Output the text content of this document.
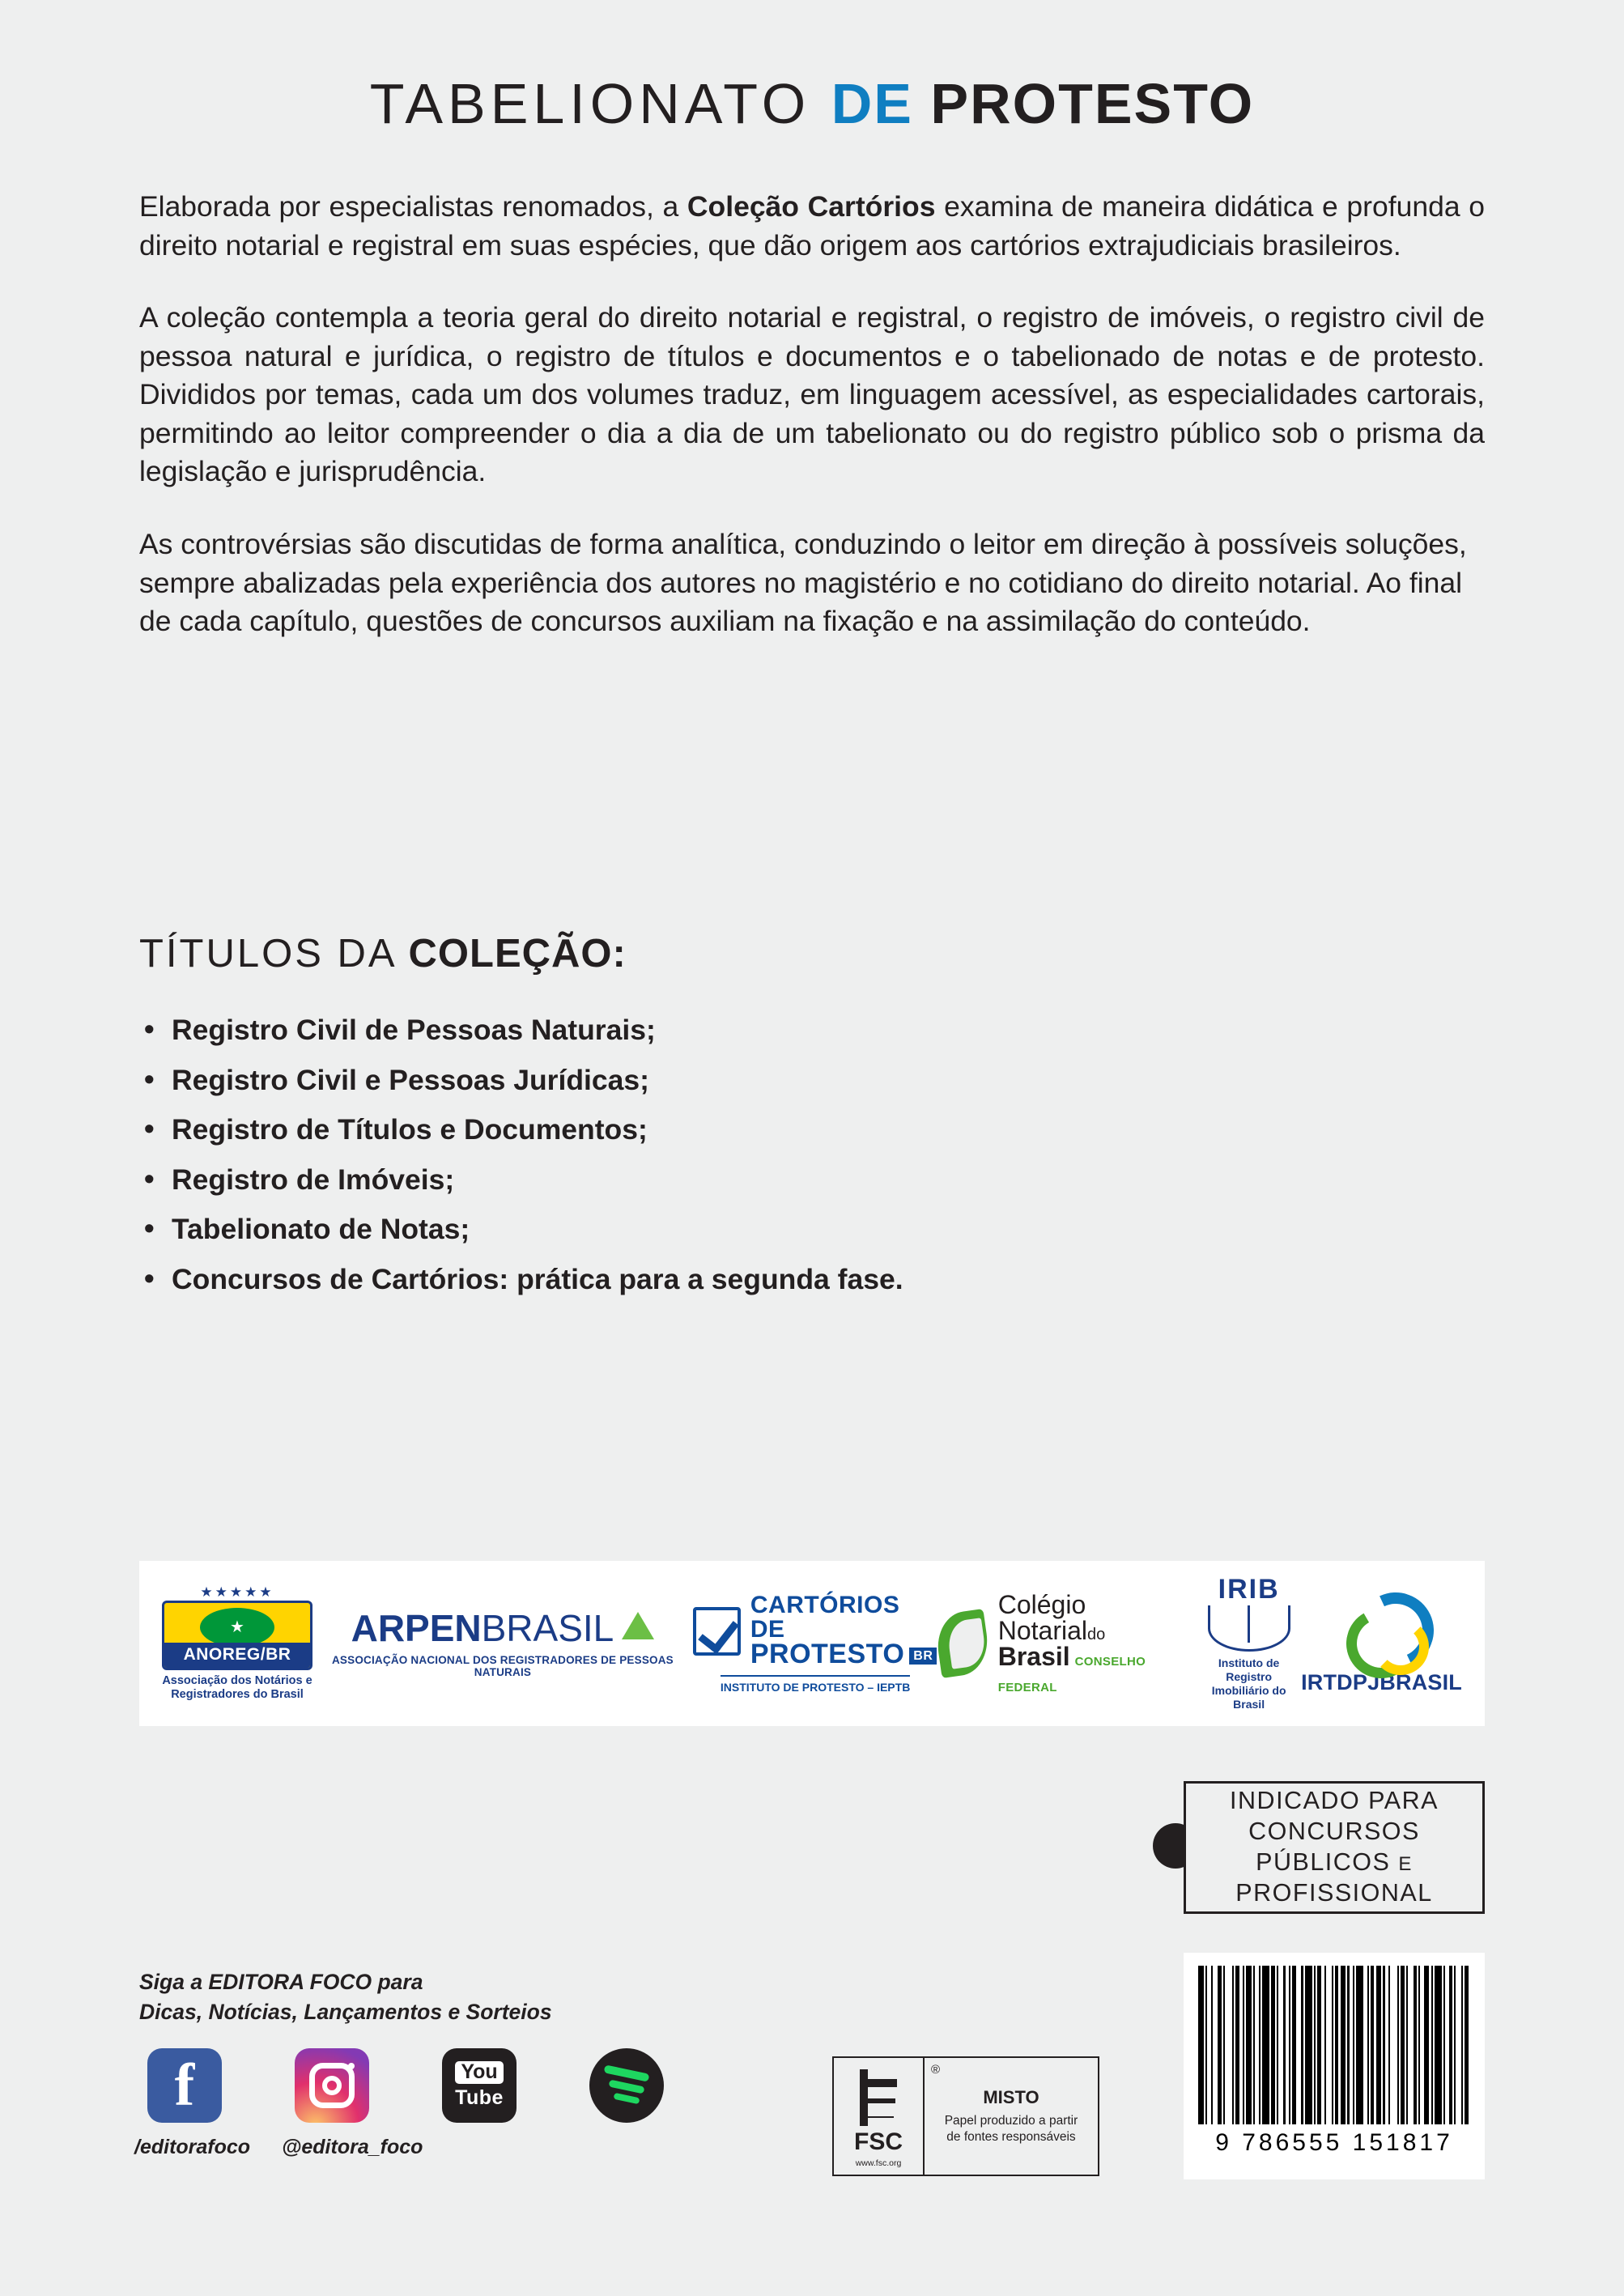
TABELIONATO DE PROTESTO

Elaborada por especialistas renomados, a Coleção Cartórios examina de maneira didática e profunda o direito notarial e registral em suas espécies, que dão origem aos cartórios extrajudiciais brasileiros.

A coleção contempla a teoria geral do direito notarial e registral, o registro de imóveis, o registro civil de pessoa natural e jurídica, o registro de títulos e documentos e o tabelionado de notas e de protesto. Divididos por temas, cada um dos volumes traduz, em linguagem acessível, as especialidades cartorais, permitindo ao leitor compreender o dia a dia de um tabelionato ou do registro público sob o prisma da legislação e jurisprudência.

As controvérsias são discutidas de forma analítica, conduzindo o leitor em direção à possíveis soluções, sempre abalizadas pela experiência dos autores no magistério e no cotidiano do direito notarial. Ao final de cada capítulo, questões de concursos auxiliam na fixação e na assimilação do conteúdo.

TÍTULOS DA COLEÇÃO:
• Registro Civil de Pessoas Naturais;
• Registro Civil e Pessoas Jurídicas;
• Registro de Títulos e Documentos;
• Registro de Imóveis;
• Tabelionato de Notas;
• Concursos de Cartórios: prática para a segunda fase.
★★★★★
★
ANOREG/BR
Associação dos Notários e
Registradores do Brasil
ARPENBRASIL
ASSOCIAÇÃO NACIONAL DOS REGISTRADORES DE PESSOAS NATURAIS
CARTÓRIOS DE
PROTESTO BR
INSTITUTO DE PROTESTO – IEPTB
Colégio
Notarialdo
Brasil CONSELHO FEDERAL
IRIB
Instituto de Registro
Imobiliário do Brasil
IRTDPJBRASIL
INDICADO PARA
CONCURSOS
PÚBLICOS E
PROFISSIONAL
Siga a EDITORA FOCO para
Dicas, Notícias, Lançamentos e Sorteios
f
/editorafoco @editora_foco
You
Tube
FSC
www.fsc.org
®
MISTO
Papel produzido a partir
de fontes responsáveis	9 786555 151817
